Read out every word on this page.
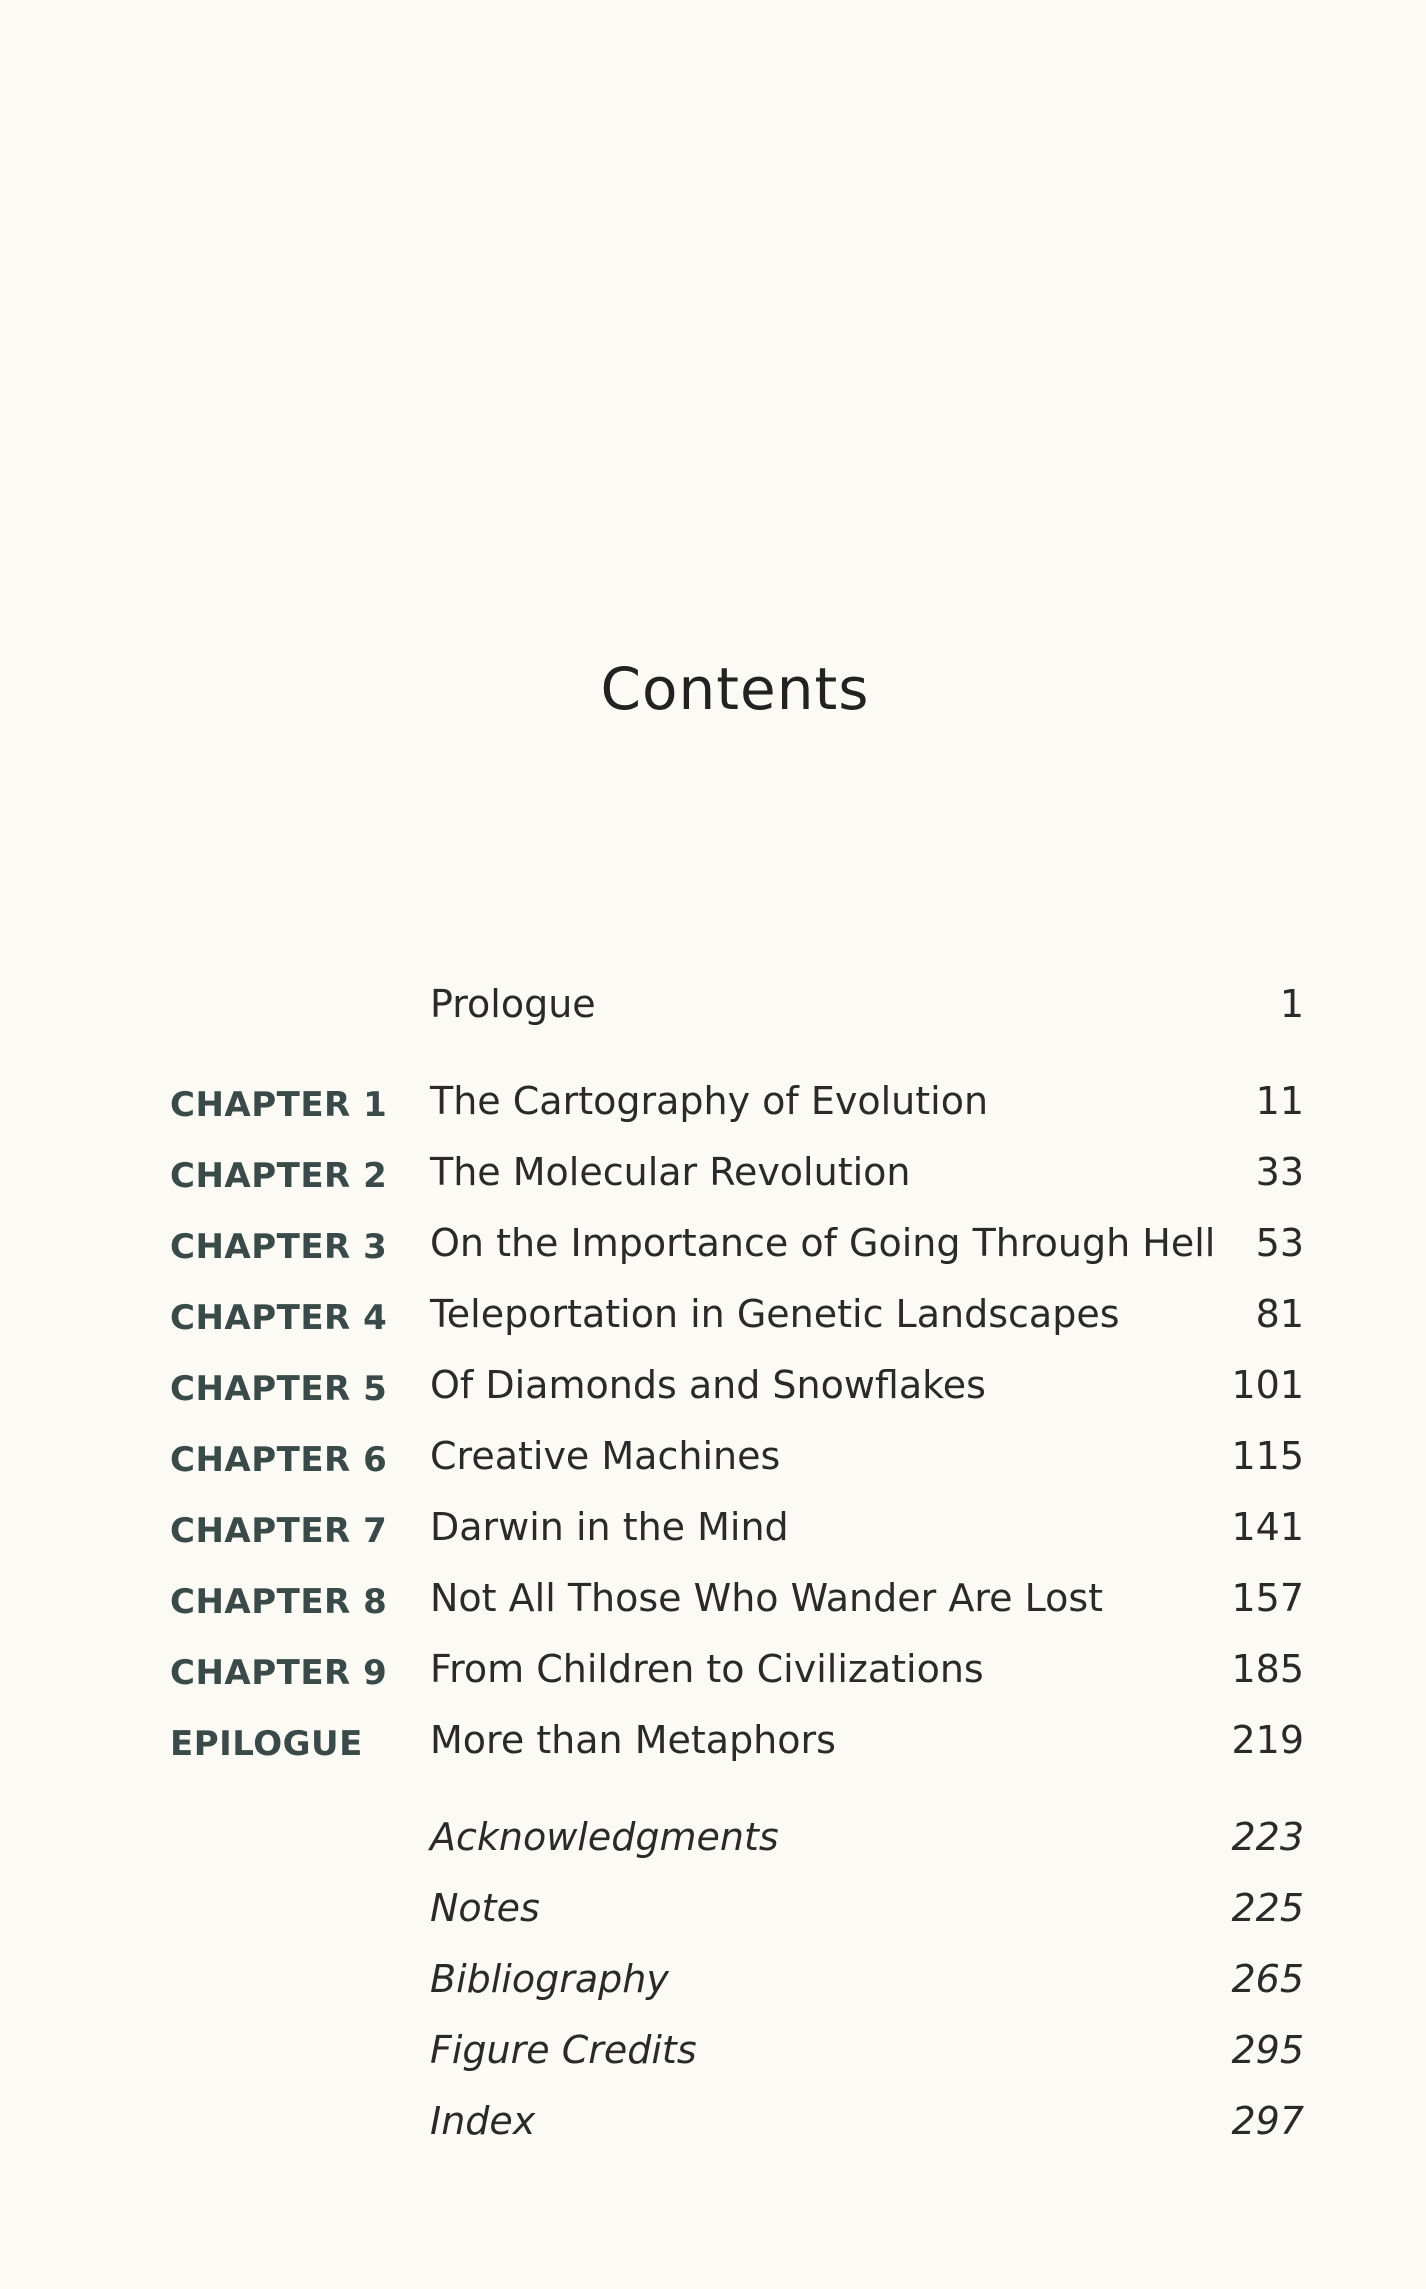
Contents
Prologue	1
CHAPTER 1 The Cartography of Evolution	11
CHAPTER 2 The Molecular Revolution	33
CHAPTER 3 On the Importance of Going Through Hell 53
CHAPTER 4 Teleportation in Genetic Landscapes	81
CHAPTER 5 Of Diamonds and Snowflakes	101
CHAPTER 6 Creative Machines	115
CHAPTER 7 Darwin in the Mind	141
CHAPTER 8 Not All Those Who Wander Are Lost	157
CHAPTER 9 From Children to Civilizations	185
EPILOGUE More than Metaphors	219
Acknowledgments	223
Notes	225
Bibliography	265
Figure Credits	295
Index	297
